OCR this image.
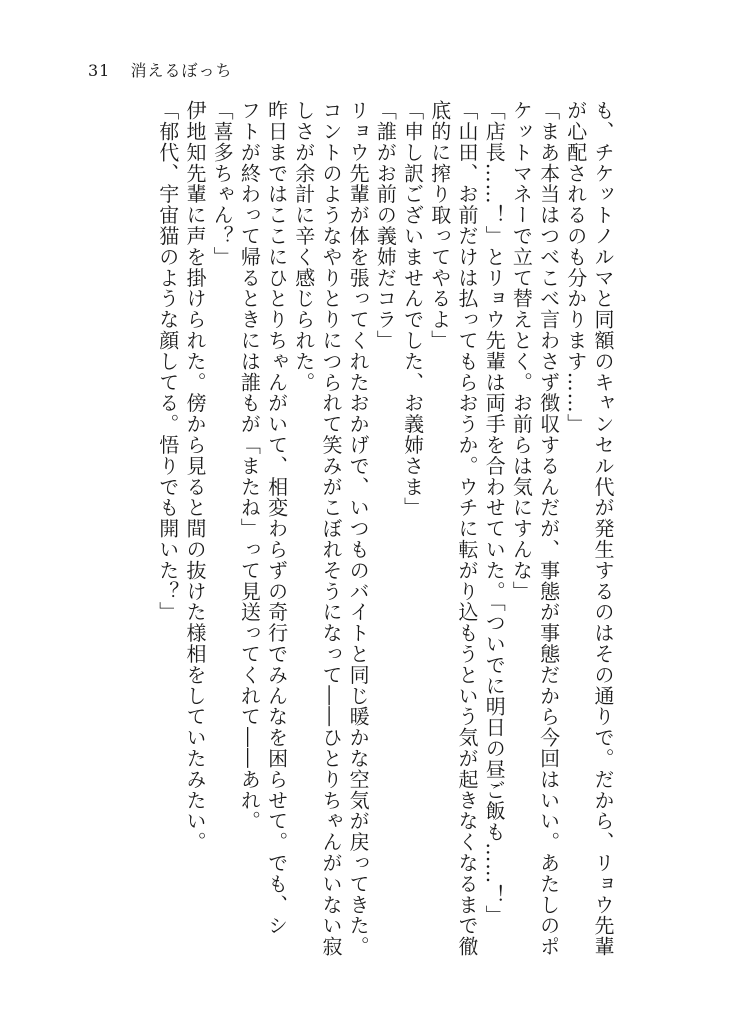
31 消えるぼっち
も、チケットノルマと同額のキャンセル代が発生するのはその通りで。だから、リョウ先輩
が心配されるのも分かります……」
「まあ本当はつべこべ言わさず徴収するんだが、事態が事態だから今回はいい。あたしのポ
ケットマネーで立て替えとく。お前らは気にすんな」
「店長……！」とリョウ先輩は両手を合わせていた。「ついでに明日の昼ご飯も……！」
「山田、お前だけは払ってもらおうか。ウチに転がり込もうという気が起きなくなるまで徹
底的に搾り取ってやるよ」
「申し訳ございませんでした、お義姉さま」
「誰がお前の義姉だコラ」
リョウ先輩が体を張ってくれたおかげで、いつものバイトと同じ暖かな空気が戻ってきた。
コントのようなやりとりにつられて笑みがこぼれそうになって――ひとりちゃんがいない寂
しさが余計に辛く感じられた。
昨日まではここにひとりちゃんがいて、相変わらずの奇行でみんなを困らせて。でも、シ
フトが終わって帰るときには誰もが「またね」って見送ってくれて――あれ。
「喜多ちゃん？」
伊地知先輩に声を掛けられた。傍から見ると間の抜けた様相をしていたみたい。
「郁代、宇宙猫のような顔してる。悟りでも開いた？」
